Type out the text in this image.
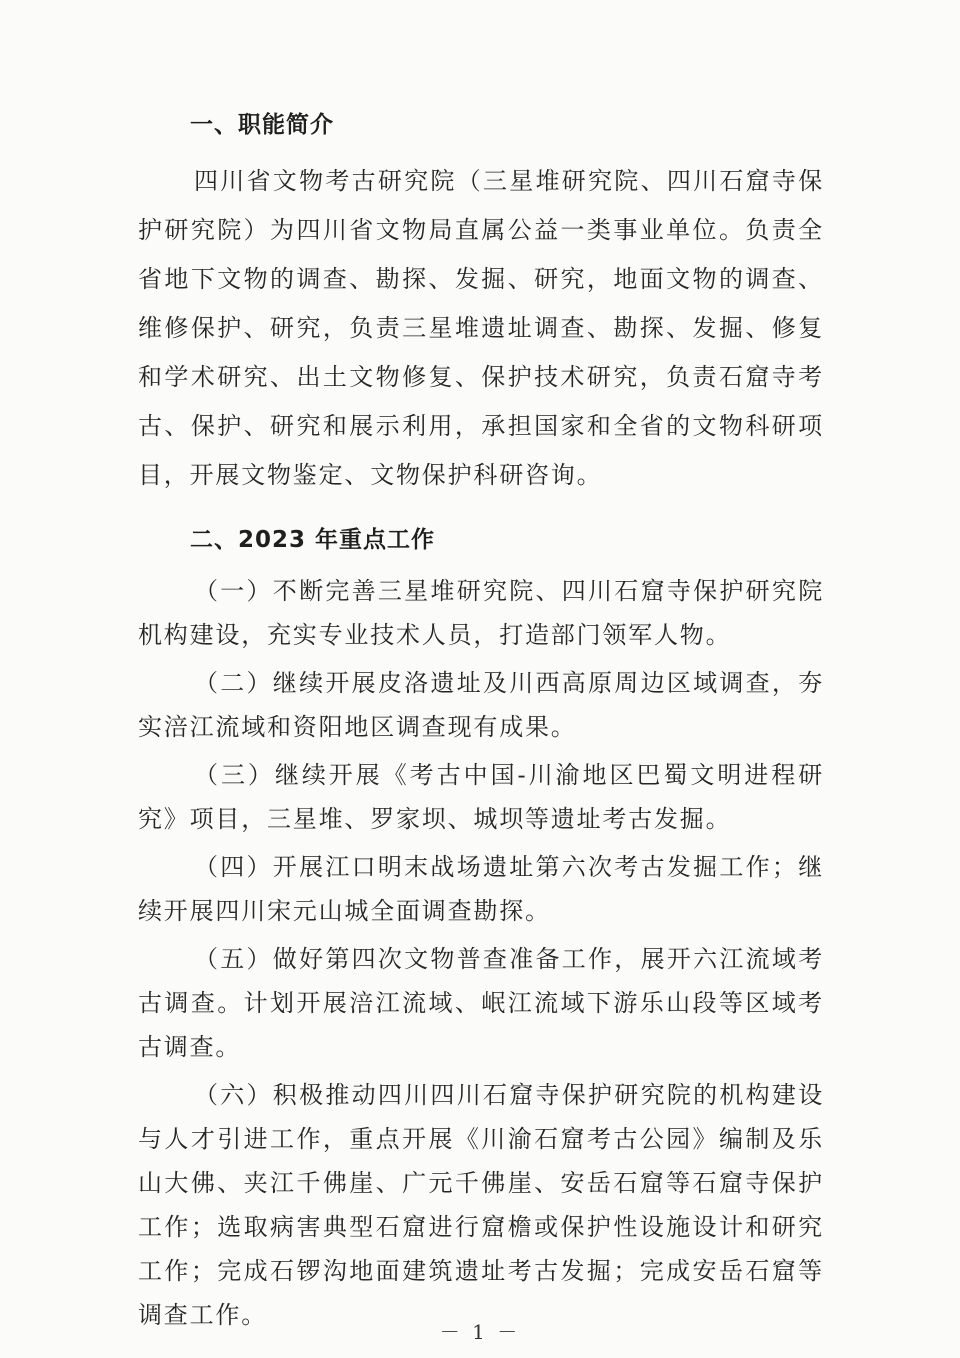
一、职能简介

四川省文物考古研究院（三星堆研究院、四川石窟寺保护研究院）为四川省文物局直属公益一类事业单位。负责全省地下文物的调查、勘探、发掘、研究，地面文物的调查、维修保护、研究，负责三星堆遗址调查、勘探、发掘、修复和学术研究、出土文物修复、保护技术研究，负责石窟寺考古、保护、研究和展示利用，承担国家和全省的文物科研项目，开展文物鉴定、文物保护科研咨询。

二、2023 年重点工作

（一）不断完善三星堆研究院、四川石窟寺保护研究院机构建设，充实专业技术人员，打造部门领军人物。

（二）继续开展皮洛遗址及川西高原周边区域调查，夯实涪江流域和资阳地区调查现有成果。

（三）继续开展《考古中国-川渝地区巴蜀文明进程研究》项目，三星堆、罗家坝、城坝等遗址考古发掘。

（四）开展江口明末战场遗址第六次考古发掘工作；继续开展四川宋元山城全面调查勘探。

（五）做好第四次文物普查准备工作，展开六江流域考古调查。计划开展涪江流域、岷江流域下游乐山段等区域考古调查。

（六）积极推动四川四川石窟寺保护研究院的机构建设与人才引进工作，重点开展《川渝石窟考古公园》编制及乐山大佛、夹江千佛崖、广元千佛崖、安岳石窟等石窟寺保护工作；选取病害典型石窟进行窟檐或保护性设施设计和研究工作；完成石锣沟地面建筑遗址考古发掘；完成安岳石窟等调查工作。

－ 1 －
